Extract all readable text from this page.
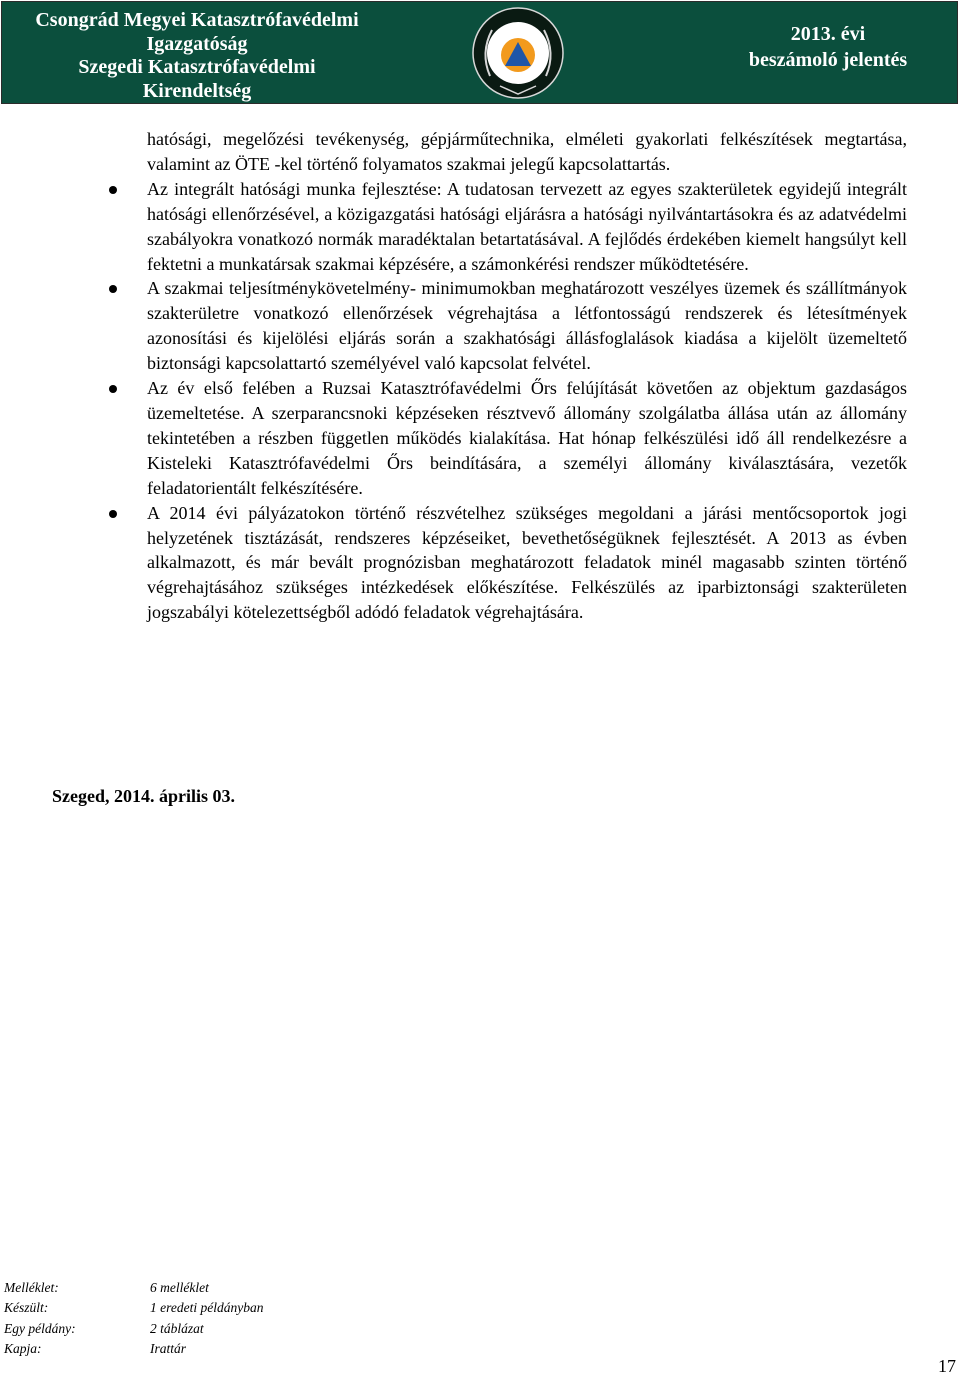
Csongrád Megyei Katasztrófavédelmi
Igazgatóság
Szegedi Katasztrófavédelmi
Kirendeltség
2013. évi
beszámoló jelentés

hatósági, megelőzési tevékenység, gépjárműtechnika, elméleti gyakorlati felkészítések megtartása, valamint az ÖTE -kel történő folyamatos szakmai jelegű kapcsolattartás.

Az integrált hatósági munka fejlesztése: A tudatosan tervezett az egyes szakterületek egyidejű integrált hatósági ellenőrzésével, a közigazgatási hatósági eljárásra a hatósági nyilvántartásokra és az adatvédelmi szabályokra vonatkozó normák maradéktalan betartatásával. A fejlődés érdekében kiemelt hangsúlyt kell fektetni a munkatársak szakmai képzésére, a számonkérési rendszer működtetésére.
A szakmai teljesítménykövetelmény- minimumokban meghatározott veszélyes üzemek és szállítmányok szakterületre vonatkozó ellenőrzések végrehajtása a létfontosságú rendszerek és létesítmények azonosítási és kijelölési eljárás során a szakhatósági állásfoglalások kiadása a kijelölt üzemeltető biztonsági kapcsolattartó személyével való kapcsolat felvétel.
Az év első felében a Ruzsai Katasztrófavédelmi Őrs felújítását követően az objektum gazdaságos üzemeltetése. A szerparancsnoki képzéseken résztvevő állomány szolgálatba állása után az állomány tekintetében a részben független működés kialakítása. Hat hónap felkészülési idő áll rendelkezésre a Kisteleki Katasztrófavédelmi Őrs beindítására, a személyi állomány kiválasztására, vezetők feladatorientált felkészítésére.
A 2014 évi pályázatokon történő részvételhez szükséges megoldani a járási mentőcsoportok jogi helyzetének tisztázását, rendszeres képzéseiket, bevethetőségüknek fejlesztését. A 2013 as évben alkalmazott, és már bevált prognózisban meghatározott feladatok minél magasabb szinten történő végrehajtásához szükséges intézkedések előkészítése. Felkészülés az iparbiztonsági szakterületen jogszabályi kötelezettségből adódó feladatok végrehajtására.
Szeged, 2014. április 03.
Melléklet:	6 melléklet
Készült:	1 eredeti példányban
Egy példány:	2 táblázat
Kapja:	Irattár
17
